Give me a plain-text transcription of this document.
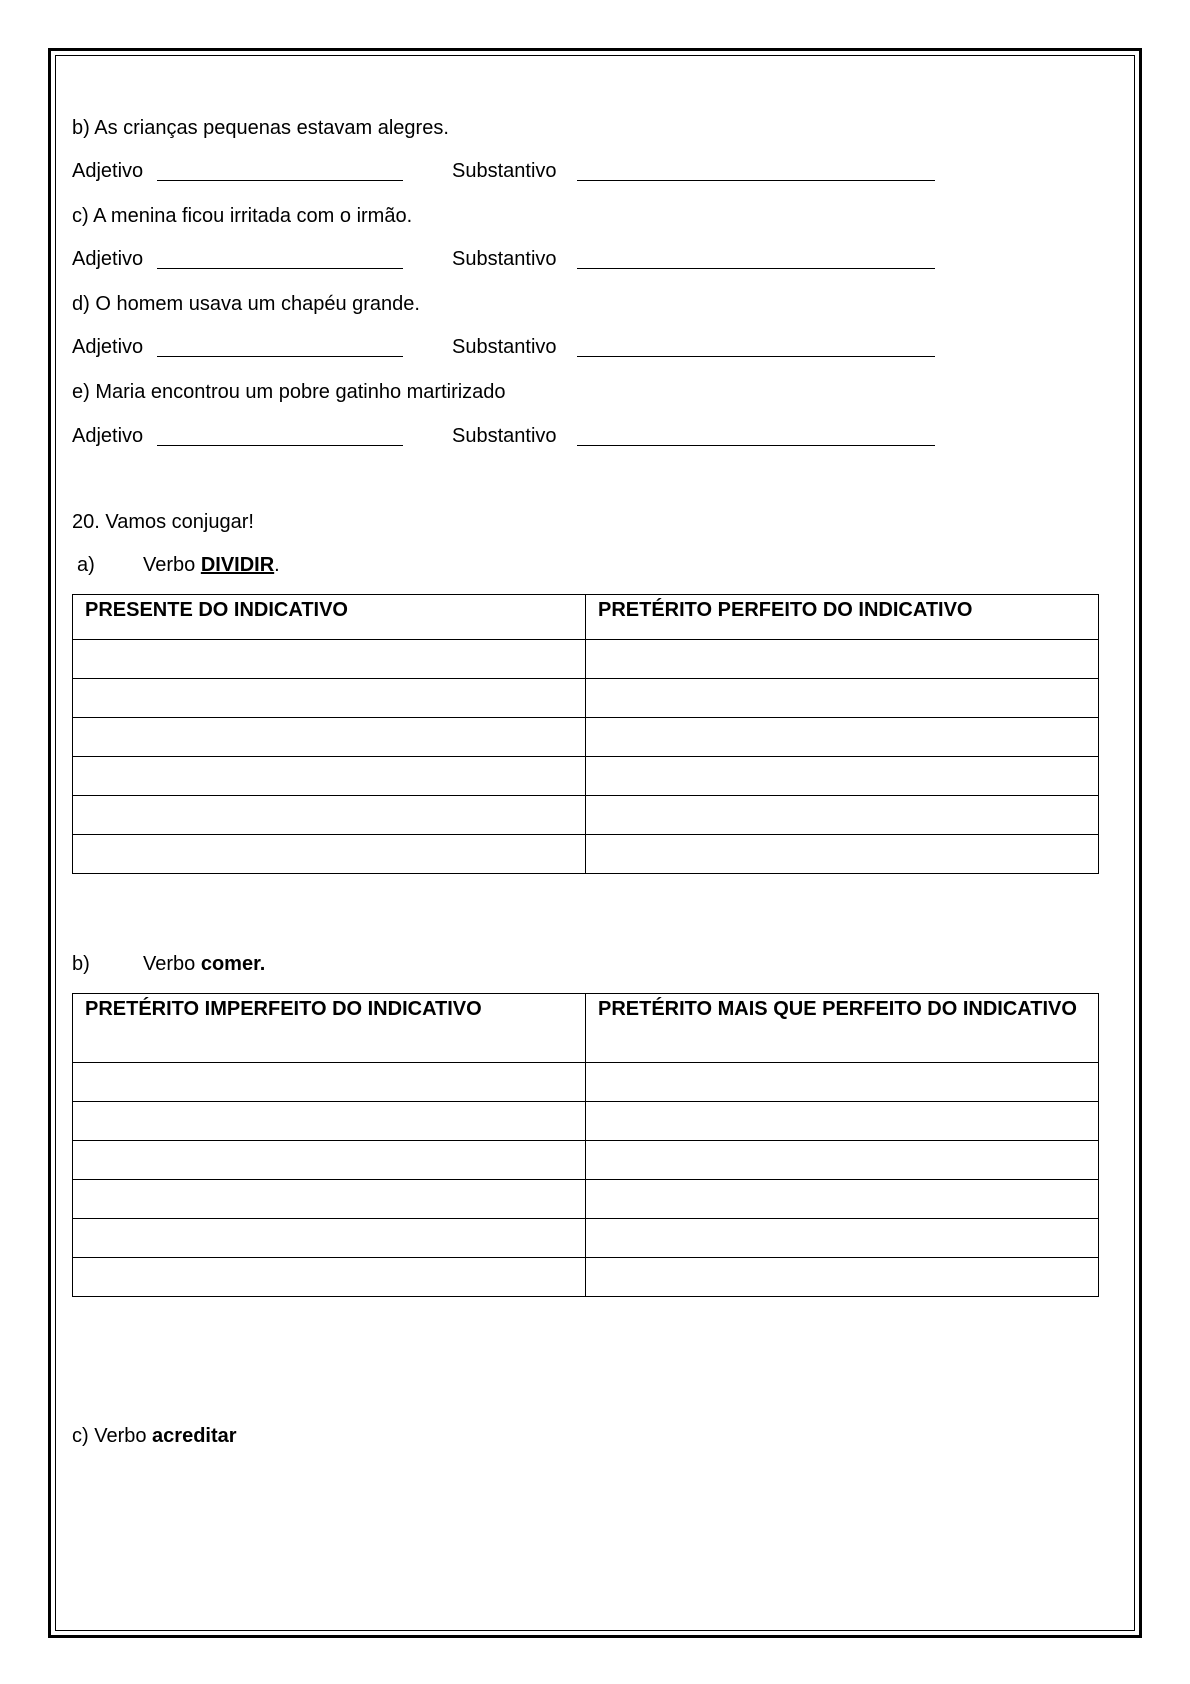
b) As crianças pequenas estavam alegres.
Adjetivo	Substantivo
c) A menina ficou irritada com o irmão.
Adjetivo	Substantivo
d) O homem usava um chapéu grande.
Adjetivo	Substantivo
e) Maria encontrou um pobre gatinho martirizado
Adjetivo	Substantivo
20. Vamos conjugar!
a) Verbo DIVIDIR.
PRESENTE DO INDICATIVO	PRETÉRITO PERFEITO DO INDICATIVO

b)	Verbo comer.
PRETÉRITO IMPERFEITO DO INDICATIVO	PRETÉRITO MAIS QUE PERFEITO DO INDICATIVO

c) Verbo acreditar
